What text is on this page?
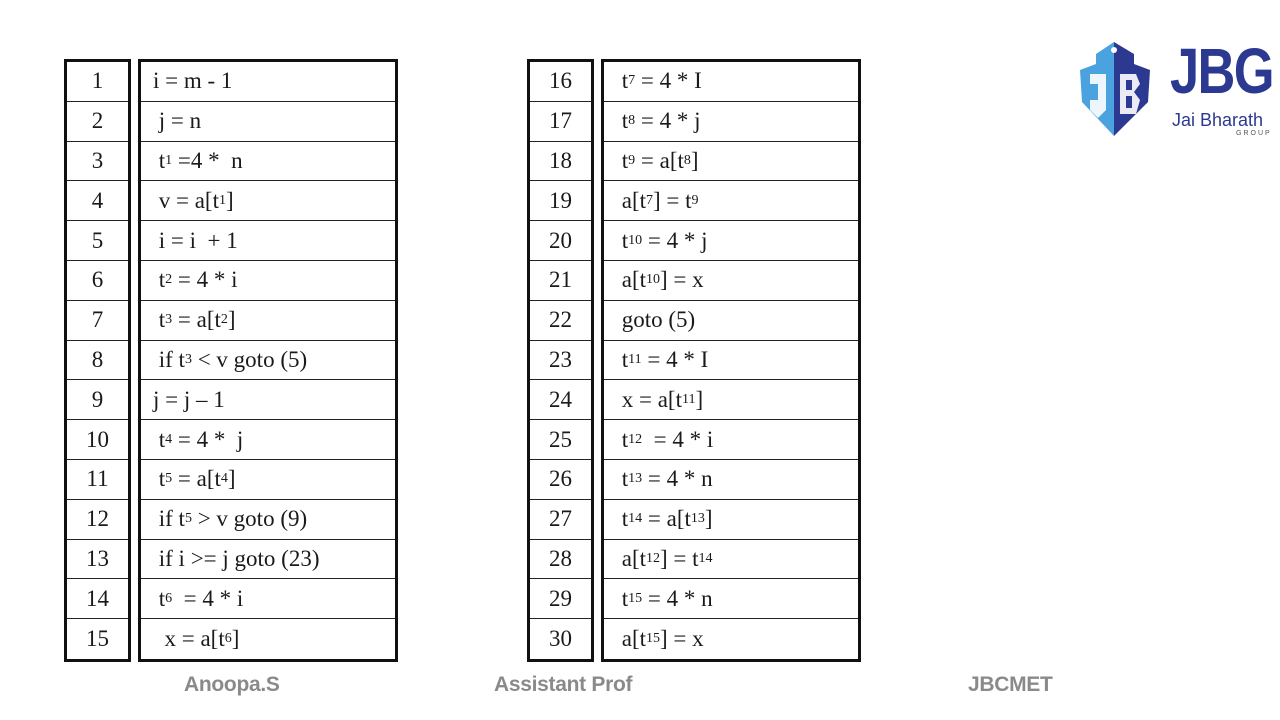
1
2
3
4
5
6
7
8
9
10
11
12
13
14
15
i = m - 1
j = n
t 1 =4 *  n
v = a[t 1 ]
i = i  + 1
t 2 = 4 * i
t 3 = a[t 2 ]
if t 3 < v goto (5)
j = j – 1
t 4 = 4 *  j
t 5 = a[t 4 ]
if t 5 > v goto (9)
if i >= j goto (23)
t 6 = 4 * i
x = a[t 6 ]
16
17
18
19
20
21
22
23
24
25
26
27
28
29
30
t 7 = 4 * I
t 8 = 4 * j
t 9 = a[t 8 ]
a[t 7 ] = t 9
t 10 = 4 * j
a[t 10 ] = x
goto (5)
t 11 = 4 * I
x = a[t 11 ]
t 12 = 4 * i
t 13 = 4 * n
t 14 = a[t 13 ]
a[t 12 ] = t 14
t 15 = 4 * n
a[t 15 ] = x
JBG
Jai Bharath
GROUP
Anoopa.S	Assistant Prof	JBCMET
